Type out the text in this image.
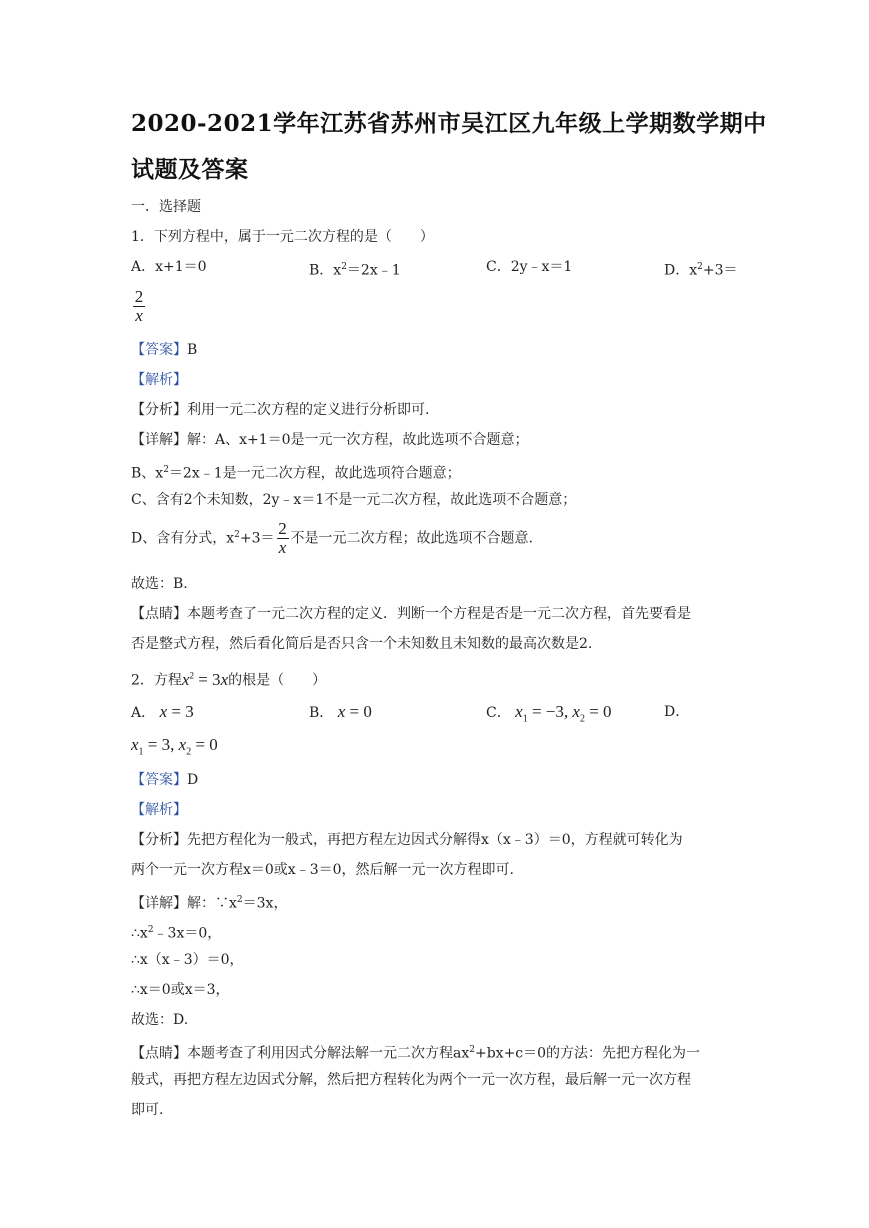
2020-2021学年江苏省苏州市吴江区九年级上学期数学期中
试题及答案
一．选择题
1．下列方程中，属于一元二次方程的是（　　）
A．x+1＝0	B．$x^2=2x﹣1$	C．2y﹣x＝1	D．$x^2+3=$
$\frac{2}{x}$
【答案】B
【解析】
【分析】利用一元二次方程的定义进行分析即可.
【详解】解：A、x+1＝0是一元一次方程，故此选项不合题意；
B、$x^2=2x﹣1$是一元二次方程，故此选项符合题意；
C、含有2个未知数，2y﹣x＝1不是一元二次方程，故此选项不合题意；
D、含有分式，$x^2+3= \frac{2}{x}$ 不是一元二次方程；故此选项不合题意.
故选：B.
【点睛】本题考查了一元二次方程的定义．判断一个方程是否是一元二次方程，首先要看是
否是整式方程，然后看化简后是否只含一个未知数且未知数的最高次数是2.
2．方程$x^2 = 3x$的根是（　　）
A． x = 3	B． x = 0	C． $x_1 = -3$, $x_2 = 0$	D．
$x_1 = 3$, $x_2 = 0$
【答案】D
【解析】
【分析】先把方程化为一般式，再把方程左边因式分解得x（x﹣3）＝0，方程就可转化为
两个一元一次方程x＝0或x﹣3＝0，然后解一元一次方程即可.
【详解】解：$\because x^2=3x$，
$\therefore x^2﹣3x=0$，
∴x（x﹣3）＝0，
∴x＝0或x＝3，
故选：D.
【点睛】本题考查了利用因式分解法解一元二次方程$ax^2+bx+c=0$的方法：先把方程化为一
般式，再把方程左边因式分解，然后把方程转化为两个一元一次方程，最后解一元一次方程
即可.
